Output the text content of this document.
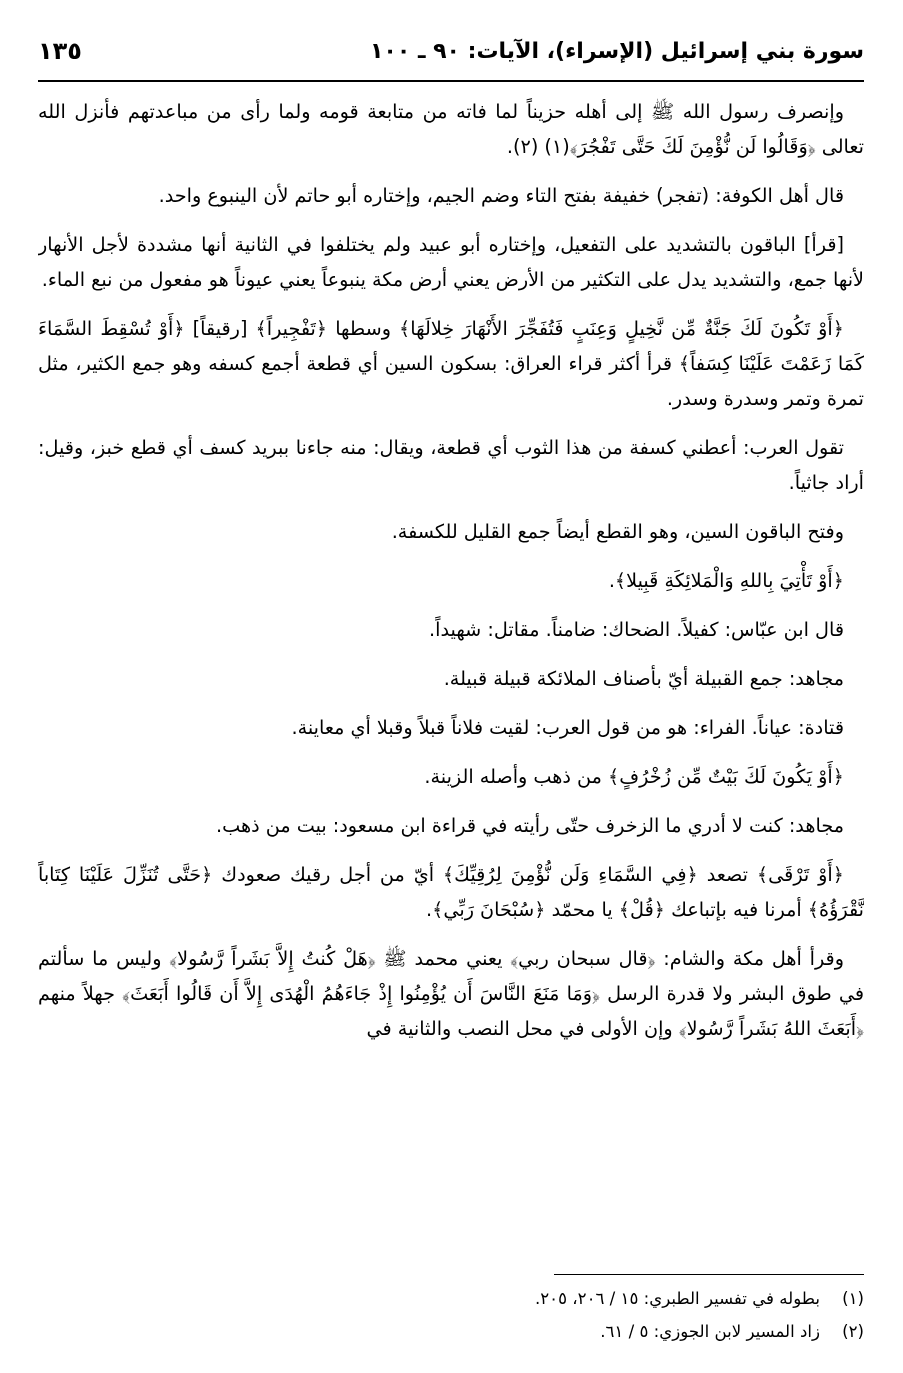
سورة بني إسرائيل (الإسراء)، الآيات: ٩٠ ـ ١٠٠
١٣٥

وإنصرف رسول الله ﷺ إلى أهله حزيناً لما فاته من متابعة قومه ولما رأى من مباعدتهم فأنزل الله تعالى ﴿وَقَالُوا لَن نُّؤْمِنَ لَكَ حَتَّى تَفْجُرَ﴾(١) (٢).

قال أهل الكوفة: (تفجر) خفيفة بفتح التاء وضم الجيم، وإختاره أبو حاتم لأن الينبوع واحد.

[قرأ] الباقون بالتشديد على التفعيل، وإختاره أبو عبيد ولم يختلفوا في الثانية أنها مشددة لأجل الأنهار لأنها جمع، والتشديد يدل على التكثير من الأرض يعني أرض مكة ينبوعاً يعني عيوناً هو مفعول من نبع الماء.

﴿أَوْ تَكُونَ لَكَ جَنَّةٌ مِّن نَّخِيلٍ وَعِنَبٍ فَتُفَجِّرَ الأَنْهَارَ خِلالَهَا﴾ وسطها ﴿تَفْجِيراً﴾ [رقيقاً] ﴿أَوْ تُسْقِطَ السَّمَاءَ كَمَا زَعَمْتَ عَلَيْنَا كِسَفاً﴾ قرأ أكثر قراء العراق: بسكون السين أي قطعة أجمع كسفه وهو جمع الكثير، مثل تمرة وتمر وسدرة وسدر.

تقول العرب: أعطني كسفة من هذا الثوب أي قطعة، ويقال: منه جاءنا ببريد كسف أي قطع خبز، وقيل: أراد جاثياً.

وفتح الباقون السين، وهو القطع أيضاً جمع القليل للكسفة.

﴿أَوْ تَأْتِيَ بِاللهِ وَالْمَلائِكَةِ قَبِيلا﴾.

قال ابن عبّاس: كفيلاً. الضحاك: ضامناً. مقاتل: شهيداً.

مجاهد: جمع القبيلة أيّ بأصناف الملائكة قبيلة قبيلة.

قتادة: عياناً. الفراء: هو من قول العرب: لقيت فلاناً قبلاً وقبلا أي معاينة.

﴿أَوْ يَكُونَ لَكَ بَيْتٌ مِّن زُخْرُفٍ﴾ من ذهب وأصله الزينة.

مجاهد: كنت لا أدري ما الزخرف حتّى رأيته في قراءة ابن مسعود: بيت من ذهب.

﴿أَوْ تَرْقَى﴾ تصعد ﴿فِي السَّمَاءِ وَلَن نُّؤْمِنَ لِرُقِيِّكَ﴾ أيّ من أجل رقيك صعودك ﴿حَتَّى تُنَزِّلَ عَلَيْنَا كِتَاباً نَّقْرَؤُهُ﴾ أمرنا فيه بإتباعك ﴿قُلْ﴾ يا محمّد ﴿سُبْحَانَ رَبِّي﴾.

وقرأ أهل مكة والشام: ﴿قال سبحان ربي﴾ يعني محمد ﷺ ﴿هَلْ كُنتُ إِلاَّ بَشَراً رَّسُولا﴾ وليس ما سألتم في طوق البشر ولا قدرة الرسل ﴿وَمَا مَنَعَ النَّاسَ أَن يُؤْمِنُوا إِذْ جَاءَهُمُ الْهُدَى إِلاَّ أَن قَالُوا أَبَعَثَ﴾ جهلاً منهم ﴿أَبَعَثَ اللهُ بَشَراً رَّسُولا﴾ وإن الأولى في محل النصب والثانية في

(١)
بطوله في تفسير الطبري: ١٥ / ٢٠٦، ٢٠٥.
(٢)
زاد المسير لابن الجوزي: ٥ / ٦١.
